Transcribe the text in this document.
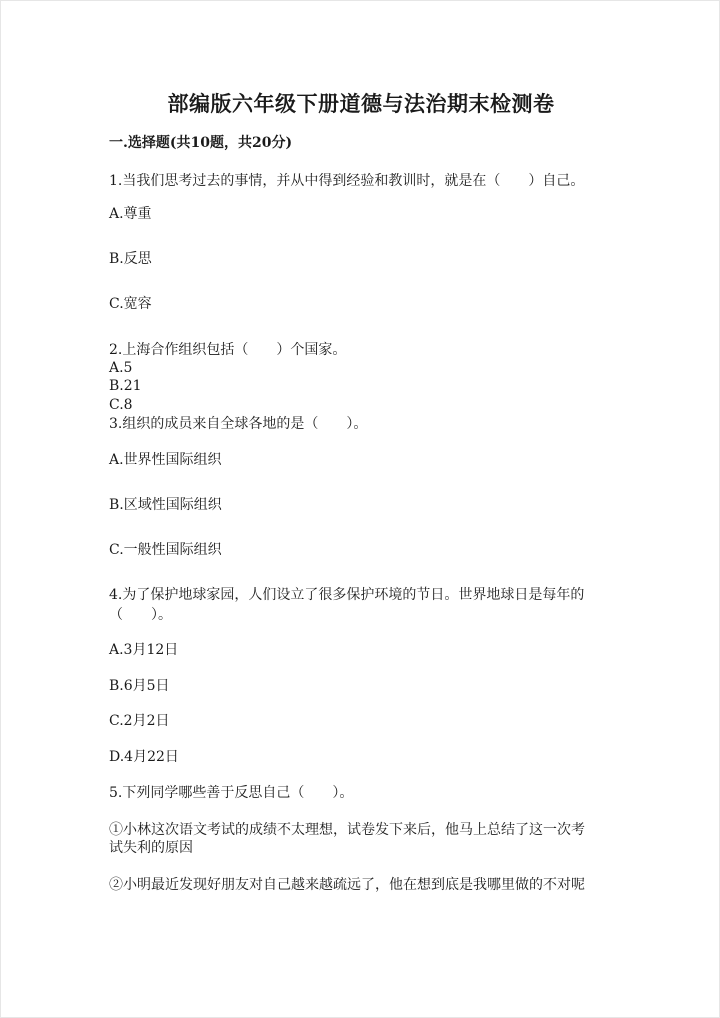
部编版六年级下册道德与法治期末检测卷
一.选择题(共10题，共20分)
1.当我们思考过去的事情，并从中得到经验和教训时，就是在（　　）自己。
A.尊重
B.反思
C.宽容
2.上海合作组织包括（　　）个国家。
A.5
B.21
C.8
3.组织的成员来自全球各地的是（　　）。
A.世界性国际组织
B.区域性国际组织
C.一般性国际组织
4.为了保护地球家园，人们设立了很多保护环境的节日。世界地球日是每年的
（　　）。
A.3月12日
B.6月5日
C.2月2日
D.4月22日
5.下列同学哪些善于反思自己（　　）。
①小林这次语文考试的成绩不太理想，试卷发下来后，他马上总结了这一次考
试失利的原因
②小明最近发现好朋友对自己越来越疏远了，他在想到底是我哪里做的不对呢
